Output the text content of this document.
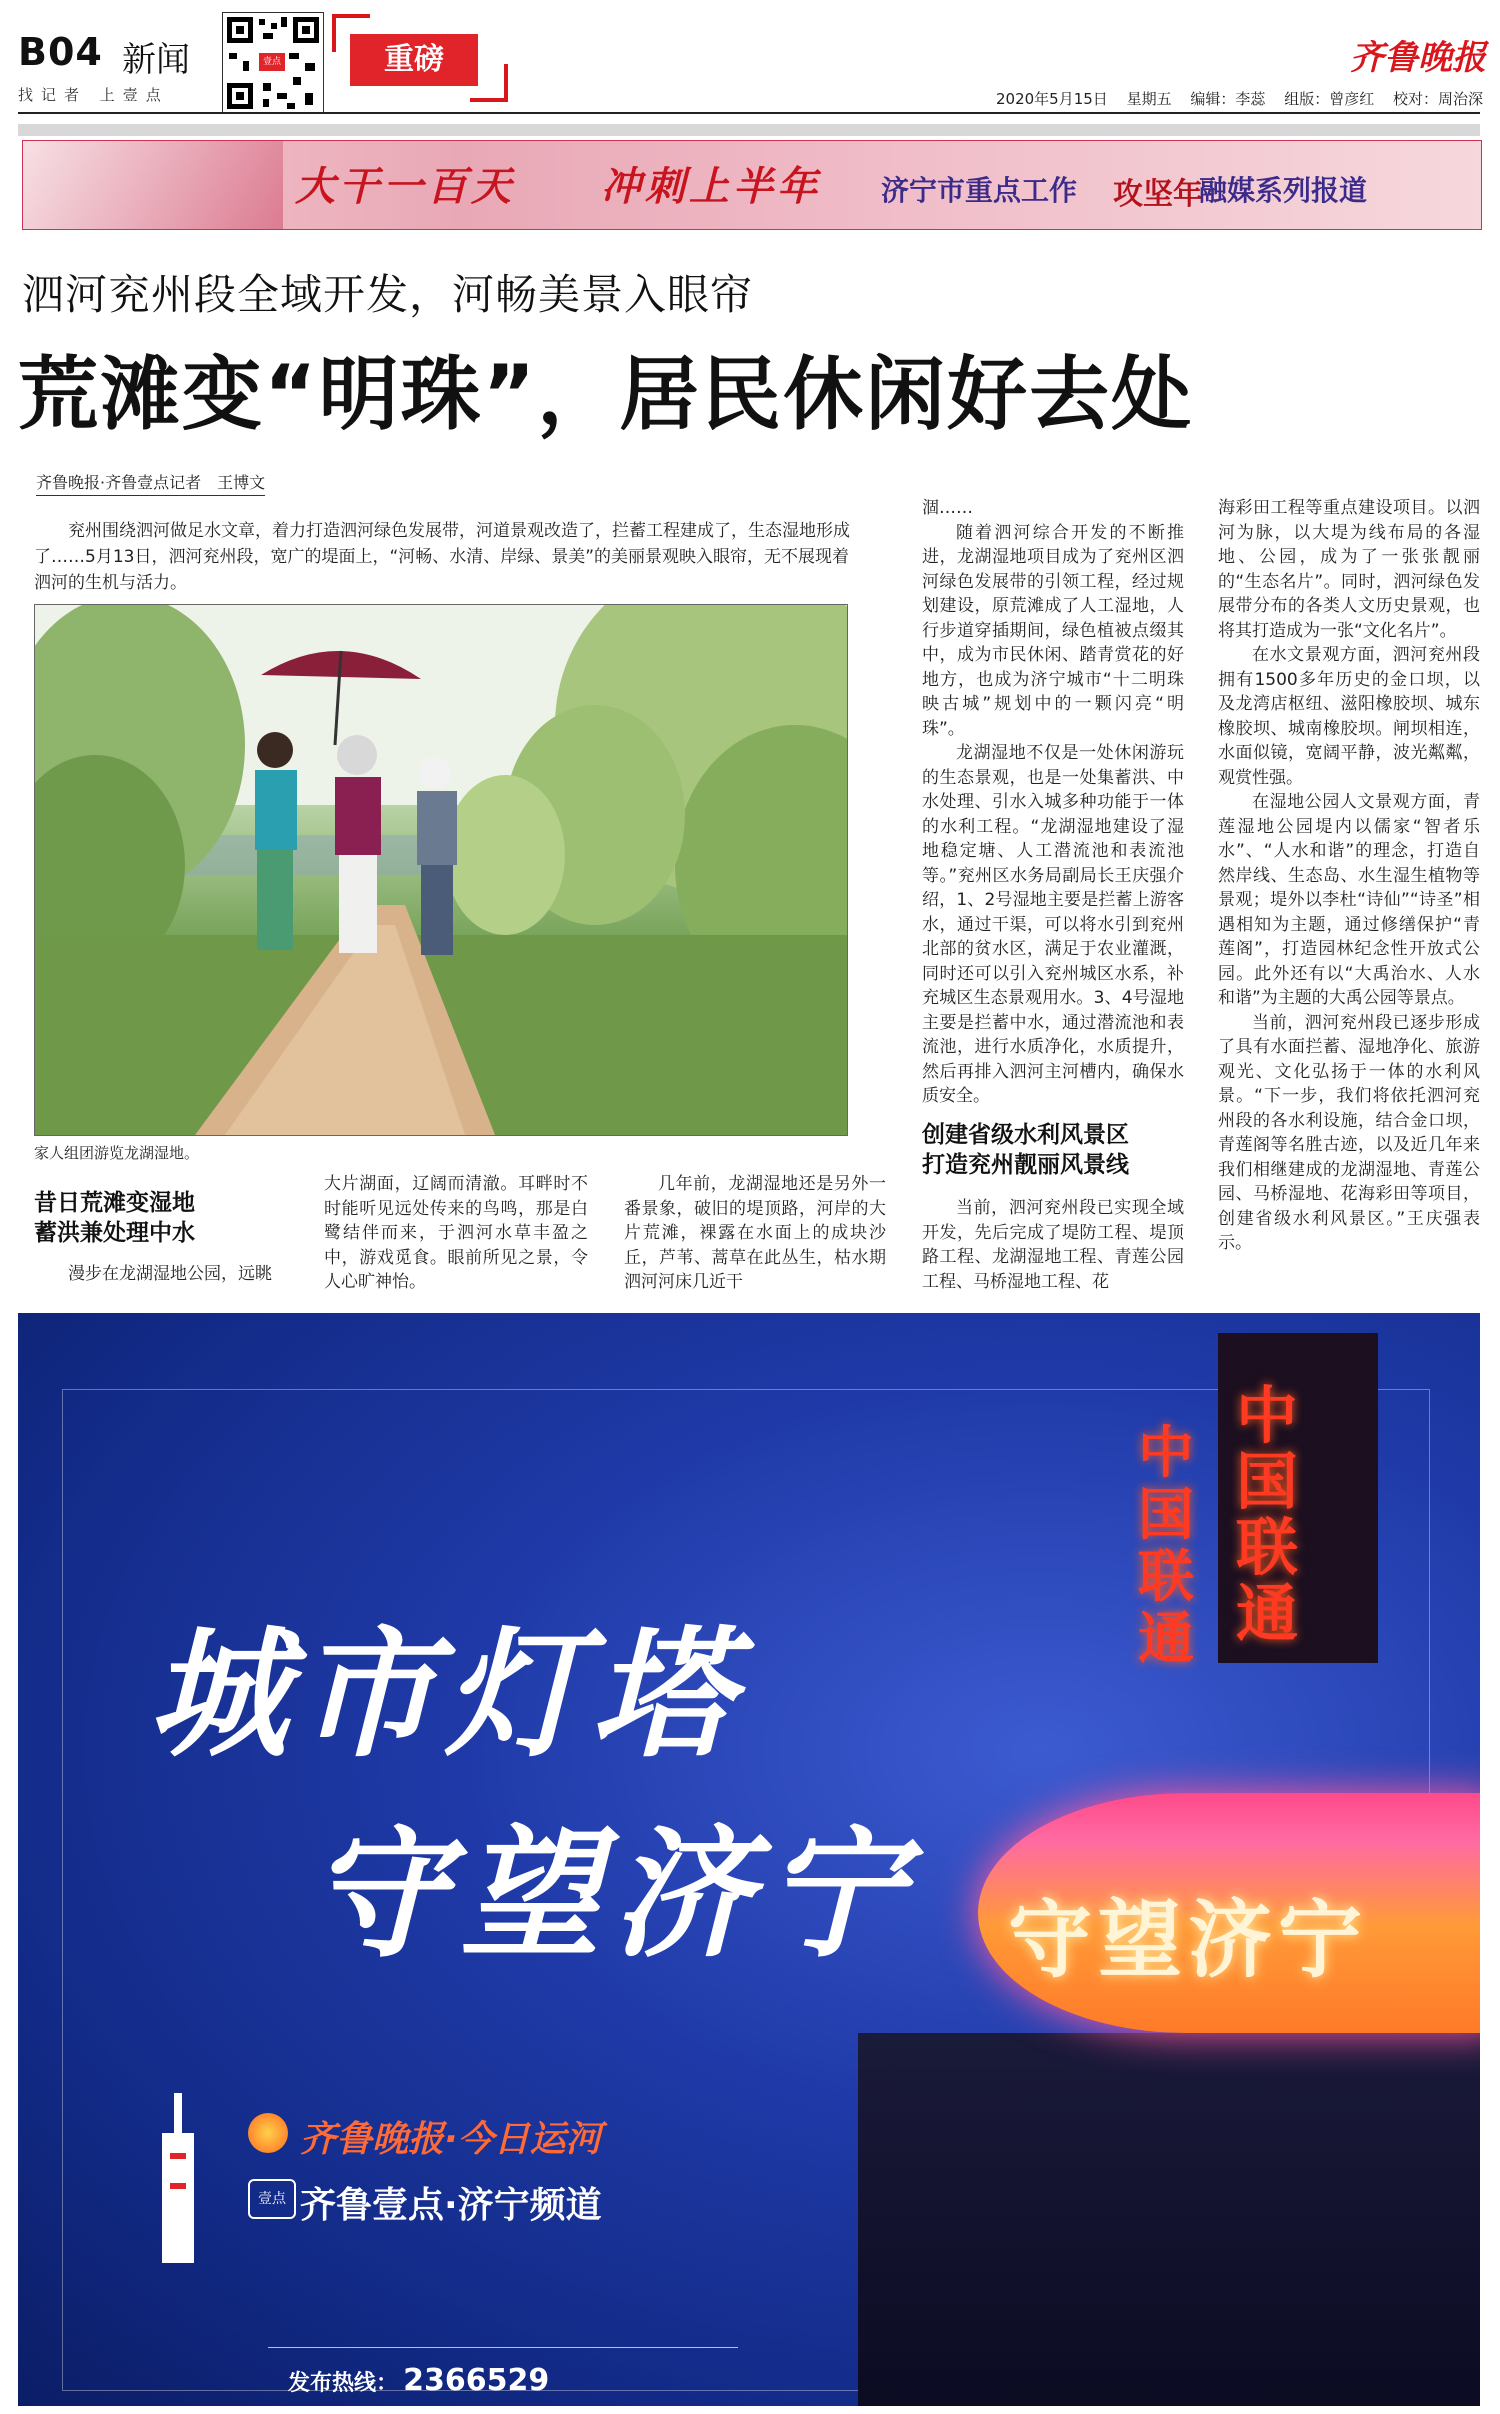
B04 新闻
找记者 上壹点
壹点	重磅	齐鲁晚报
2020年5月15日 星期五 编辑：李蕊 组版：曾彦红 校对：周治深
大干一百天 冲刺上半年 济宁市重点工作 攻坚年
融媒系列报道
泗河兖州段全域开发，河畅美景入眼帘
荒滩变“明珠”，居民休闲好去处
齐鲁晚报·齐鲁壹点记者　王博文

兖州围绕泗河做足水文章，着力打造泗河绿色发展带，河道景观改造了，拦蓄工程建成了，生态湿地形成了……5月13日，泗河兖州段，宽广的堤面上，“河畅、水清、岸绿、景美”的美丽景观映入眼帘，无不展现着泗河的生机与活力。

家人组团游览龙湖湿地。
昔日荒滩变湿地
蓄洪兼处理中水

漫步在龙湖湿地公园，远眺

大片湖面，辽阔而清澈。耳畔时不时能听见远处传来的鸟鸣，那是白鹭结伴而来，于泗河水草丰盈之中，游戏觅食。眼前所见之景，令人心旷神怡。

几年前，龙湖湿地还是另外一番景象，破旧的堤顶路，河岸的大片荒滩，裸露在水面上的成块沙丘，芦苇、蒿草在此丛生，枯水期泗河河床几近干

涸……

随着泗河综合开发的不断推进，龙湖湿地项目成为了兖州区泗河绿色发展带的引领工程，经过规划建设，原荒滩成了人工湿地，人行步道穿插期间，绿色植被点缀其中，成为市民休闲、踏青赏花的好地方，也成为济宁城市“十二明珠映古城”规划中的一颗闪亮“明珠”。

龙湖湿地不仅是一处休闲游玩的生态景观，也是一处集蓄洪、中水处理、引水入城多种功能于一体的水利工程。“龙湖湿地建设了湿地稳定塘、人工潜流池和表流池等。”兖州区水务局副局长王庆强介绍，1、2号湿地主要是拦蓄上游客水，通过干渠，可以将水引到兖州北部的贫水区，满足于农业灌溉，同时还可以引入兖州城区水系，补充城区生态景观用水。3、4号湿地主要是拦蓄中水，通过潜流池和表流池，进行水质净化，水质提升，然后再排入泗河主河槽内，确保水质安全。

创建省级水利风景区
打造兖州靓丽风景线

当前，泗河兖州段已实现全域开发，先后完成了堤防工程、堤顶路工程、龙湖湿地工程、青莲公园工程、马桥湿地工程、花

海彩田工程等重点建设项目。以泗河为脉，以大堤为线布局的各湿地、公园，成为了一张张靓丽的“生态名片”。同时，泗河绿色发展带分布的各类人文历史景观，也将其打造成为一张“文化名片”。

在水文景观方面，泗河兖州段拥有1500多年历史的金口坝，以及龙湾店枢纽、滋阳橡胶坝、城东橡胶坝、城南橡胶坝。闸坝相连，水面似镜，宽阔平静，波光粼粼，观赏性强。

在湿地公园人文景观方面，青莲湿地公园堤内以儒家“智者乐水”、“人水和谐”的理念，打造自然岸线、生态岛、水生湿生植物等景观；堤外以李杜“诗仙”“诗圣”相遇相知为主题，通过修缮保护“青莲阁”，打造园林纪念性开放式公园。此外还有以“大禹治水、人水和谐”为主题的大禹公园等景点。

当前，泗河兖州段已逐步形成了具有水面拦蓄、湿地净化、旅游观光、文化弘扬于一体的水利风景。“下一步，我们将依托泗河兖州段的各水利设施，结合金口坝，青莲阁等名胜古迹，以及近几年来我们相继建成的龙湖湿地、青莲公园、马桥湿地、花海彩田等项目，创建省级水利风景区。”王庆强表示。

中国联通
中国联通
守望济宁
城市灯塔
守望济宁
齐鲁晚报·今日运河
壹点 齐鲁壹点·济宁频道
发布热线： 2366529
